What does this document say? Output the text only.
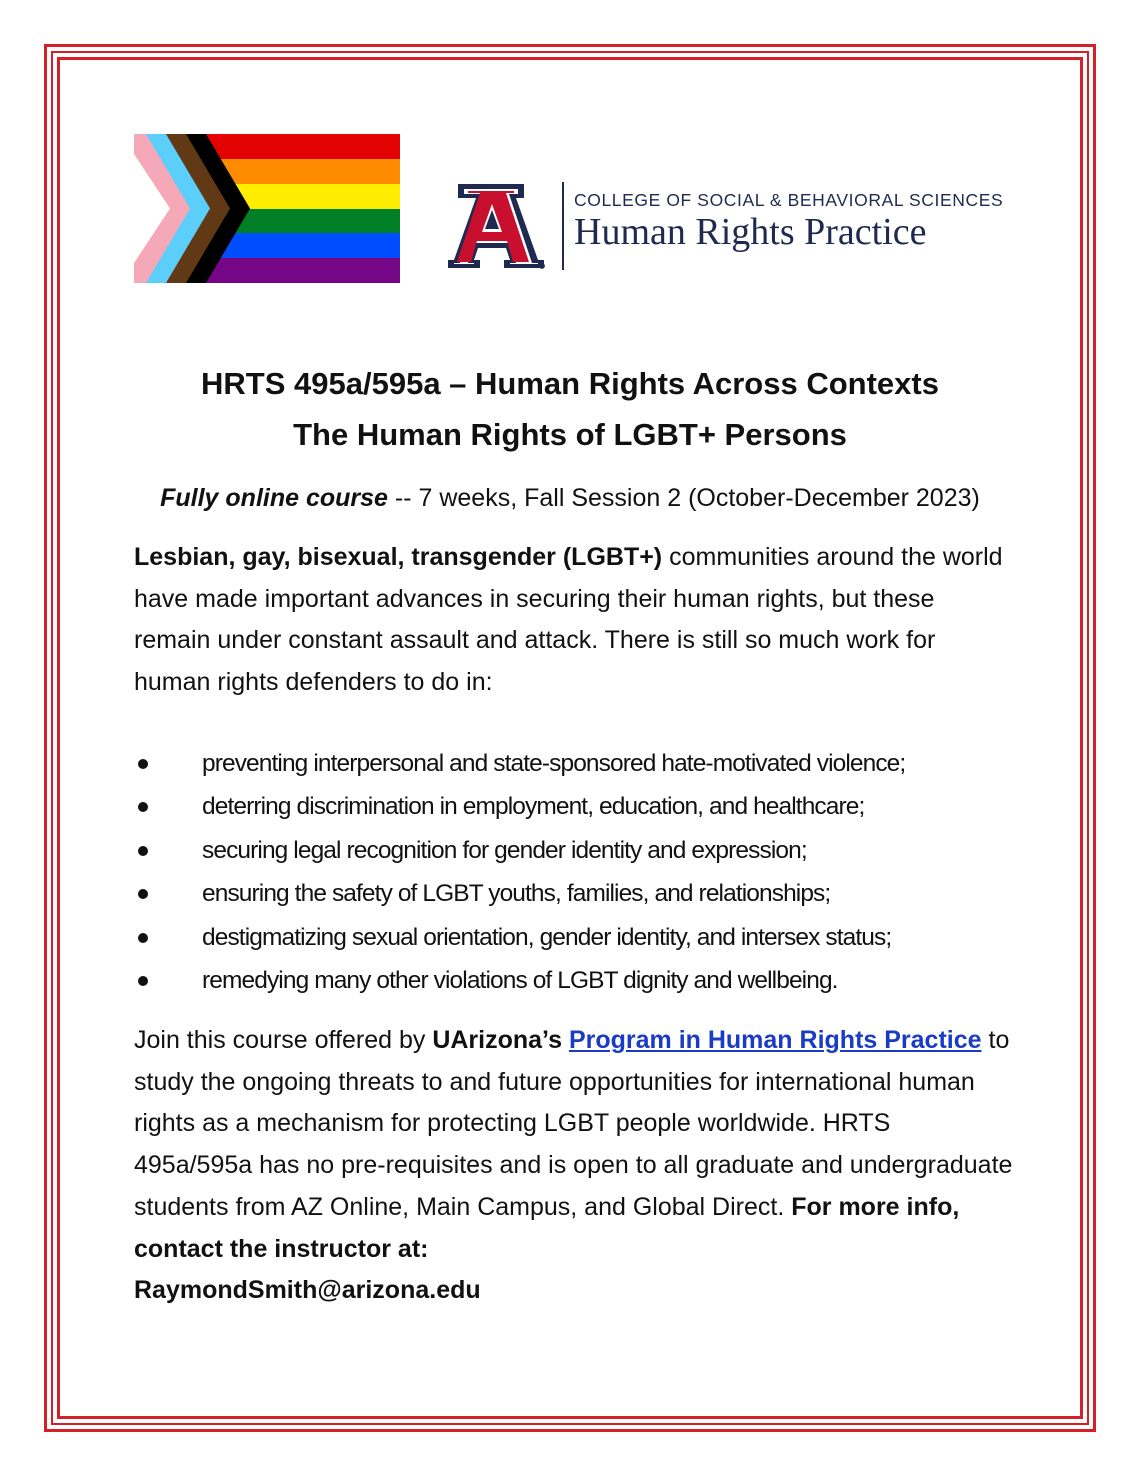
COLLEGE OF SOCIAL & BEHAVIORAL SCIENCES
Human Rights Practice

HRTS 495a/595a – Human Rights Across Contexts

The Human Rights of LGBT+ Persons

Fully online course -- 7 weeks, Fall Session 2 (October-December 2023)

Lesbian, gay, bisexual, transgender (LGBT+) communities around the world have made important advances in securing their human rights, but these remain under constant assault and attack. There is still so much work for human rights defenders to do in:

preventing interpersonal and state-sponsored hate-motivated violence;
deterring discrimination in employment, education, and healthcare;
securing legal recognition for gender identity and expression;
ensuring the safety of LGBT youths, families, and relationships;
destigmatizing sexual orientation, gender identity, and intersex status;
remedying many other violations of LGBT dignity and wellbeing.

Join this course offered by UArizona’s Program in Human Rights Practice to study the ongoing threats to and future opportunities for international human rights as a mechanism for protecting LGBT people worldwide. HRTS 495a/595a has no pre-requisites and is open to all graduate and undergraduate students from AZ Online, Main Campus, and Global Direct. For more info, contact the instructor at:
RaymondSmith@arizona.edu
